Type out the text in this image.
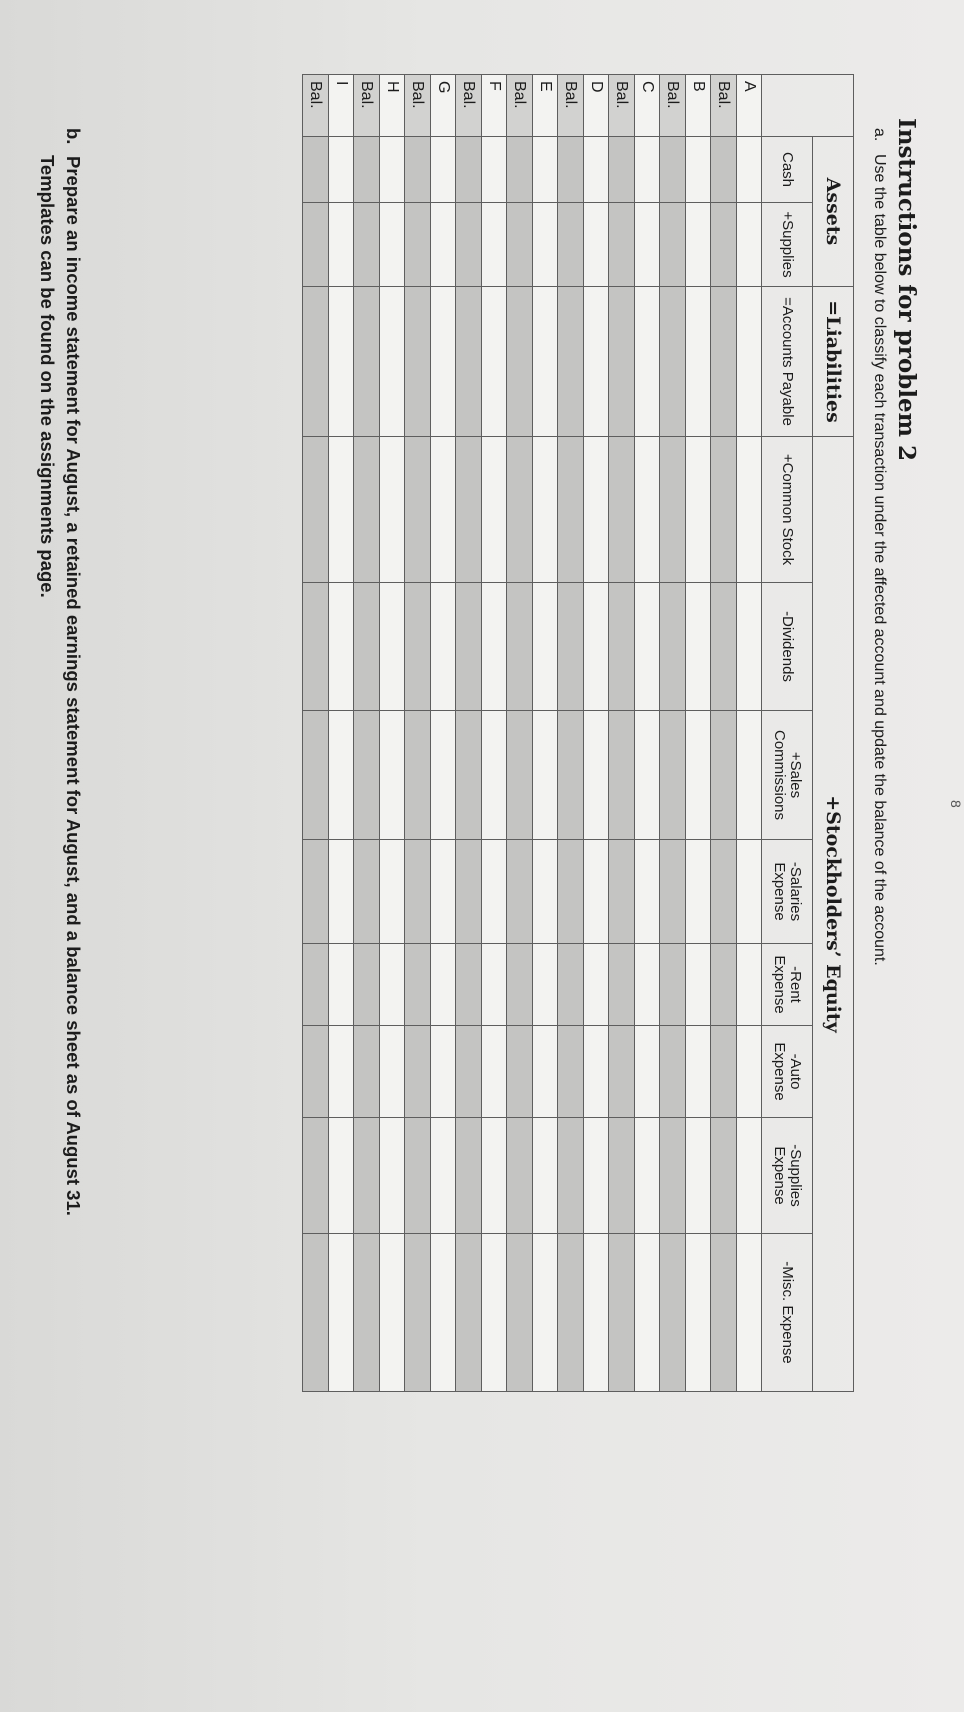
Instructions for problem 2
a.Use the table below to classify each transaction under the affected account and update the balance of the account.
	Assets		=Liabilities	+Stockholders’ Equity							
	Cash	+Supplies	=Accounts Payable	+Common Stock	-Dividends	+Sales Commissions	-Salaries Expense	-Rent Expense	-Auto Expense	-Supplies Expense	-Misc. Expense
A											
Bal.											
B											
Bal.											
C											
Bal.											
D											
Bal.											
E											
Bal.											
F											
Bal.											
G											
Bal.											
H											
Bal.											
I											
Bal.											
b.Prepare an income statement for August, a retained earnings statement for August, and a balance sheet as of August 31.
Templates can be found on the assignments page.
8
